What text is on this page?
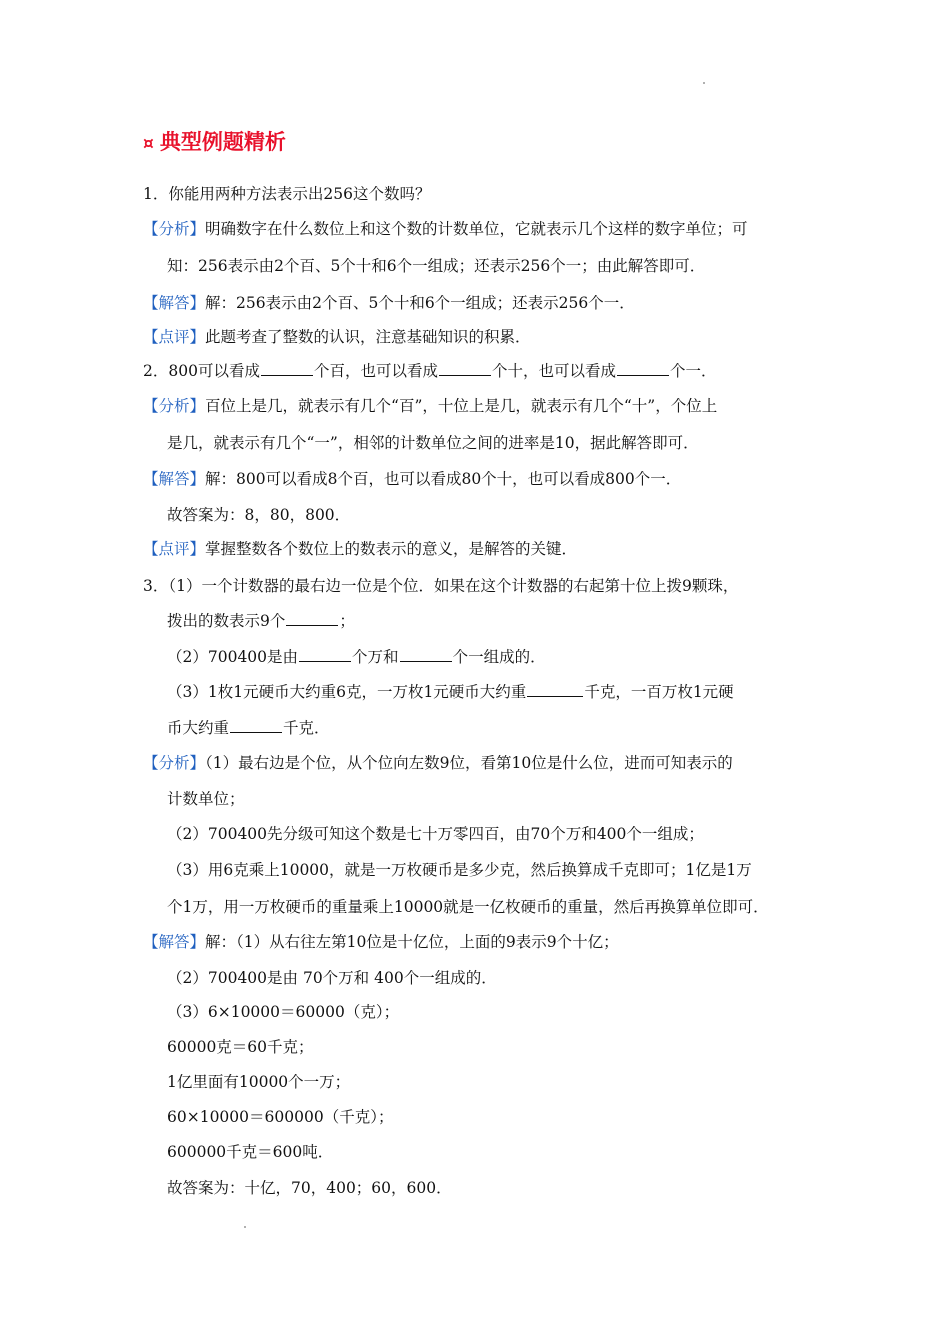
¤ 典型例题精析
1．你能用两种方法表示出256这个数吗？
【分析】明确数字在什么数位上和这个数的计数单位，它就表示几个这样的数字单位；可
知：256表示由2个百、5个十和6个一组成；还表示256个一；由此解答即可．
【解答】解：256表示由2个百、5个十和6个一组成；还表示256个一．
【点评】此题考查了整数的认识，注意基础知识的积累．
2．800可以看成	个百，也可以看成	个十，也可以看成	个一．
【分析】百位上是几，就表示有几个“百”，十位上是几，就表示有几个“十”，个位上
是几，就表示有几个“一”，相邻的计数单位之间的进率是10，据此解答即可．
【解答】解：800可以看成8个百，也可以看成80个十，也可以看成800个一．
故答案为：8，80，800．
【点评】掌握整数各个数位上的数表示的意义，是解答的关键．
3．（1）一个计数器的最右边一位是个位．如果在这个计数器的右起第十位上拨9颗珠，
拨出的数表示9个	；
（2）700400是由	个万和	个一组成的．
（3）1枚1元硬币大约重6克，一万枚1元硬币大约重	千克，一百万枚1元硬
币大约重	千克．
【分析】（1）最右边是个位，从个位向左数9位，看第10位是什么位，进而可知表示的
计数单位；
（2）700400先分级可知这个数是七十万零四百，由70个万和400个一组成；
（3）用6克乘上10000，就是一万枚硬币是多少克，然后换算成千克即可；1亿是1万
个1万，用一万枚硬币的重量乘上10000就是一亿枚硬币的重量，然后再换算单位即可．
【解答】解：（1）从右往左第10位是十亿位，上面的9表示9个十亿；
（2）700400是由 70个万和 400个一组成的．
（3）6×10000＝60000（克）；
60000克＝60千克；
1亿里面有10000个一万；
60×10000＝600000（千克）；
600000千克＝600吨．
故答案为：十亿，70，400；60，600．
